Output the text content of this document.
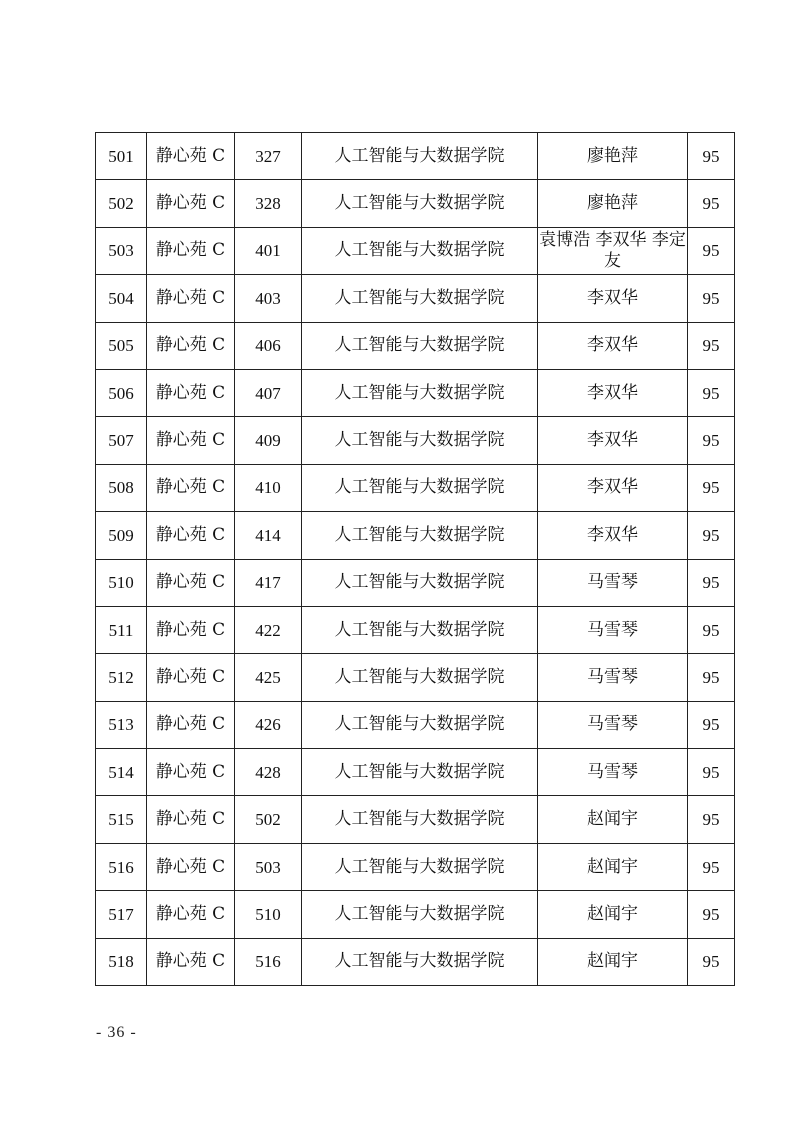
501	静心苑 C	327	人工智能与大数据学院	廖艳萍	95
502	静心苑 C	328	人工智能与大数据学院	廖艳萍	95
503	静心苑 C	401	人工智能与大数据学院	袁博浩 李双华 李定友	95
504	静心苑 C	403	人工智能与大数据学院	李双华	95
505	静心苑 C	406	人工智能与大数据学院	李双华	95
506	静心苑 C	407	人工智能与大数据学院	李双华	95
507	静心苑 C	409	人工智能与大数据学院	李双华	95
508	静心苑 C	410	人工智能与大数据学院	李双华	95
509	静心苑 C	414	人工智能与大数据学院	李双华	95
510	静心苑 C	417	人工智能与大数据学院	马雪琴	95
511	静心苑 C	422	人工智能与大数据学院	马雪琴	95
512	静心苑 C	425	人工智能与大数据学院	马雪琴	95
513	静心苑 C	426	人工智能与大数据学院	马雪琴	95
514	静心苑 C	428	人工智能与大数据学院	马雪琴	95
515	静心苑 C	502	人工智能与大数据学院	赵闻宇	95
516	静心苑 C	503	人工智能与大数据学院	赵闻宇	95
517	静心苑 C	510	人工智能与大数据学院	赵闻宇	95
518	静心苑 C	516	人工智能与大数据学院	赵闻宇	95
- 36 -
